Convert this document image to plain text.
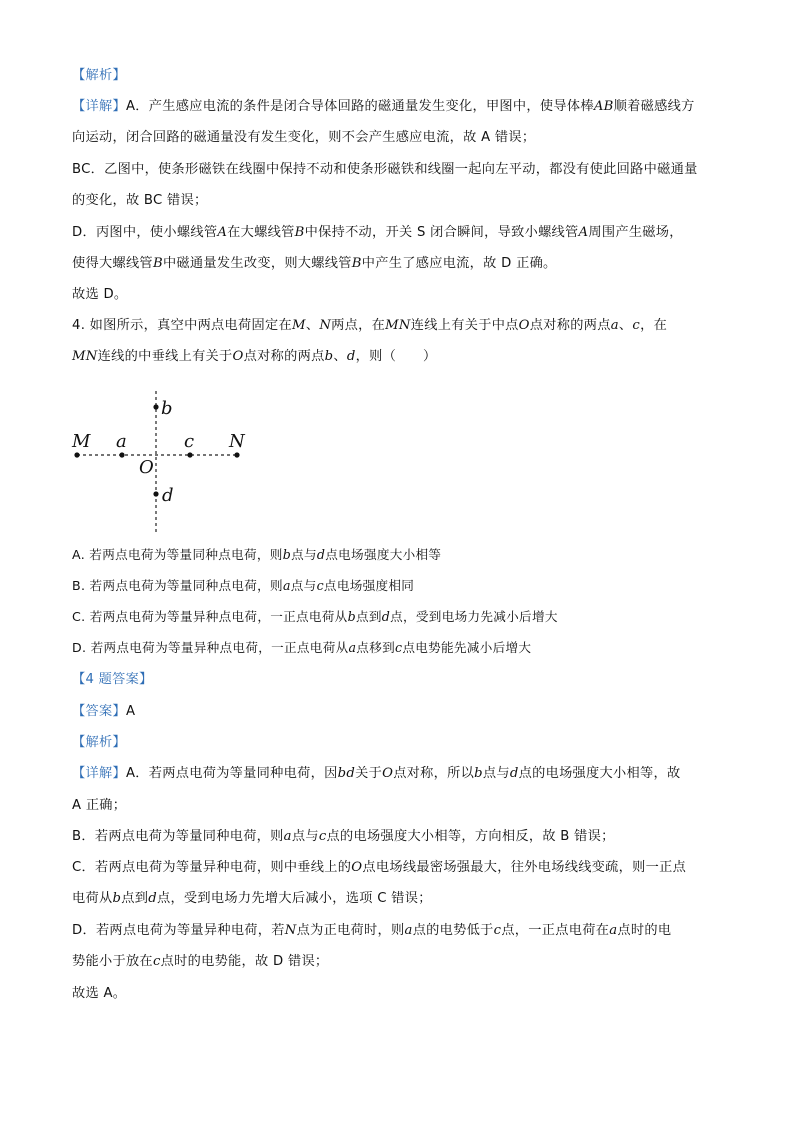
【解析】
【详解】A．产生感应电流的条件是闭合导体回路的磁通量发生变化，甲图中，使导体棒AB顺着磁感线方
向运动，闭合回路的磁通量没有发生变化，则不会产生感应电流，故 A 错误；
BC．乙图中，使条形磁铁在线圈中保持不动和使条形磁铁和线圈一起向左平动，都没有使此回路中磁通量
的变化，故 BC 错误；
D．丙图中，使小螺线管A在大螺线管B中保持不动，开关 S 闭合瞬间，导致小螺线管A周围产生磁场，
使得大螺线管B中磁通量发生改变，则大螺线管B中产生了感应电流，故 D 正确。
故选 D。
4. 如图所示，真空中两点电荷固定在M、N两点，在MN连线上有关于中点O点对称的两点a、c，在
MN连线的中垂线上有关于O点对称的两点b、d，则（　　）
M a	c N
O
b
d
A. 若两点电荷为等量同种点电荷，则b点与d点电场强度大小相等
B. 若两点电荷为等量同种点电荷，则a点与c点电场强度相同
C. 若两点电荷为等量异种点电荷，一正点电荷从b点到d点，受到电场力先减小后增大
D. 若两点电荷为等量异种点电荷，一正点电荷从a点移到c点电势能先减小后增大
【4 题答案】
【答案】A
【解析】
【详解】A．若两点电荷为等量同种电荷，因bd关于O点对称，所以b点与d点的电场强度大小相等，故
A 正确；
B．若两点电荷为等量同种电荷，则a点与c点的电场强度大小相等，方向相反，故 B 错误；
C．若两点电荷为等量异种电荷，则中垂线上的O点电场线最密场强最大，往外电场线线变疏，则一正点
电荷从b点到d点，受到电场力先增大后减小，选项 C 错误；
D．若两点电荷为等量异种电荷，若N点为正电荷时，则a点的电势低于c点，一正点电荷在a点时的电
势能小于放在c点时的电势能，故 D 错误；
故选 A。
